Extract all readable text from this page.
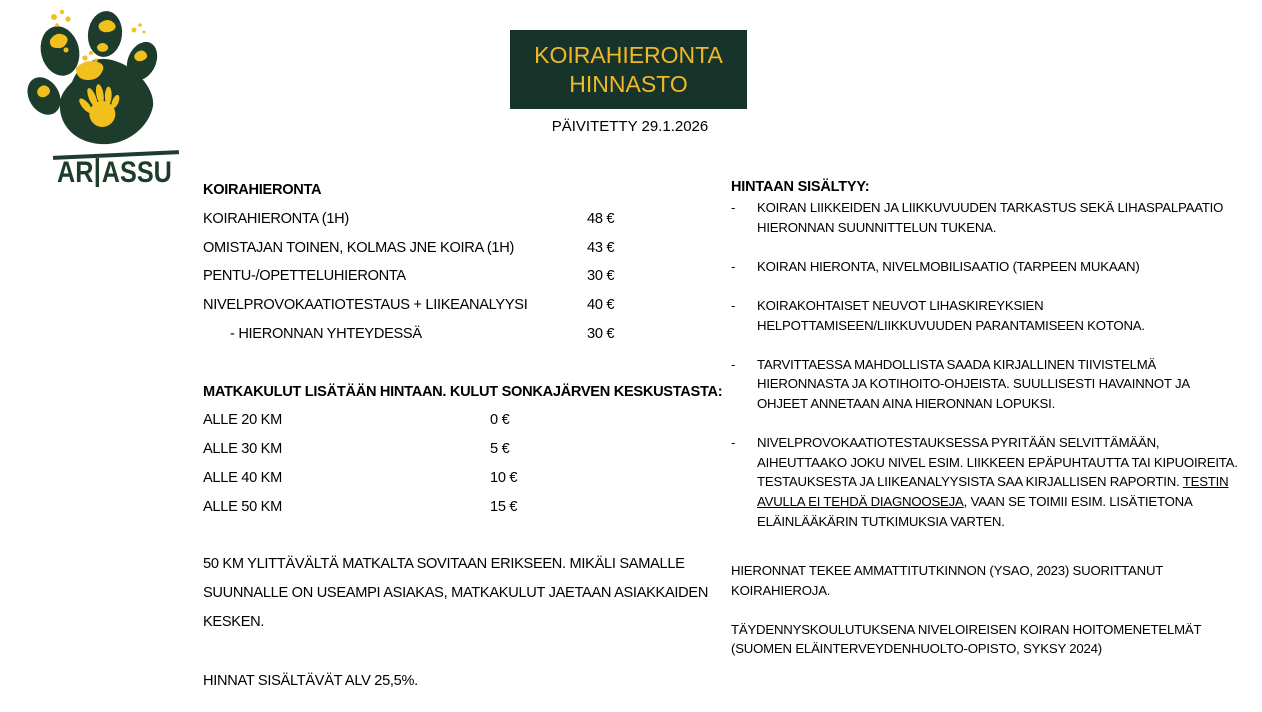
AR ASSU
KOIRAHIERONTA HINNASTO
PÄIVITETTY 29.1.2026
KOIRAHIERONTA
KOIRAHIERONTA (1H)	48 €
OMISTAJAN TOINEN, KOLMAS JNE KOIRA (1H)	43 €
PENTU-/OPETTELUHIERONTA	30 €
NIVELPROVOKAATIOTESTAUS + LIIKEANALYYSI	40 €
- HIERONNAN YHTEYDESSÄ	30 €
MATKAKULUT LISÄTÄÄN HINTAAN. KULUT SONKAJÄRVEN KESKUSTASTA:
ALLE 20 KM	0 €
ALLE 30 KM	5 €
ALLE 40 KM	10 €
ALLE 50 KM	15 €
50 KM YLITTÄVÄLTÄ MATKALTA SOVITAAN ERIKSEEN. MIKÄLI SAMALLE SUUNNALLE ON USEAMPI ASIAKAS, MATKAKULUT JAETAAN ASIAKKAIDEN KESKEN.
HINNAT SISÄLTÄVÄT ALV 25,5%.
HINTAAN SISÄLTYY:
-	KOIRAN LIIKKEIDEN JA LIIKKUVUUDEN TARKASTUS SEKÄ LIHASPALPAATIO HIERONNAN SUUNNITTELUN TUKENA.
-	KOIRAN HIERONTA, NIVELMOBILISAATIO (TARPEEN MUKAAN)
-	KOIRAKOHTAISET NEUVOT LIHASKIREYKSIEN HELPOTTAMISEEN/LIIKKUVUUDEN PARANTAMISEEN KOTONA.
-	TARVITTAESSA MAHDOLLISTA SAADA KIRJALLINEN TIIVISTELMÄ HIERONNASTA JA KOTIHOITO-OHJEISTA. SUULLISESTI HAVAINNOT JA OHJEET ANNETAAN AINA HIERONNAN LOPUKSI.
-	NIVELPROVOKAATIOTESTAUKSESSA PYRITÄÄN SELVITTÄMÄÄN, AIHEUTTAAKO JOKU NIVEL ESIM. LIIKKEEN EPÄPUHTAUTTA TAI KIPUOIREITA. TESTAUKSESTA JA LIIKEANALYYSISTA SAA KIRJALLISEN RAPORTIN. TESTIN AVULLA EI TEHDÄ DIAGNOOSEJA, VAAN SE TOIMII ESIM. LISÄTIETONA ELÄINLÄÄKÄRIN TUTKIMUKSIA VARTEN.
HIERONNAT TEKEE AMMATTITUTKINNON (YSAO, 2023) SUORITTANUT KOIRAHIEROJA.
TÄYDENNYSKOULUTUKSENA NIVELOIREISEN KOIRAN HOITOMENETELMÄT (SUOMEN ELÄINTERVEYDENHUOLTO-OPISTO, SYKSY 2024)
